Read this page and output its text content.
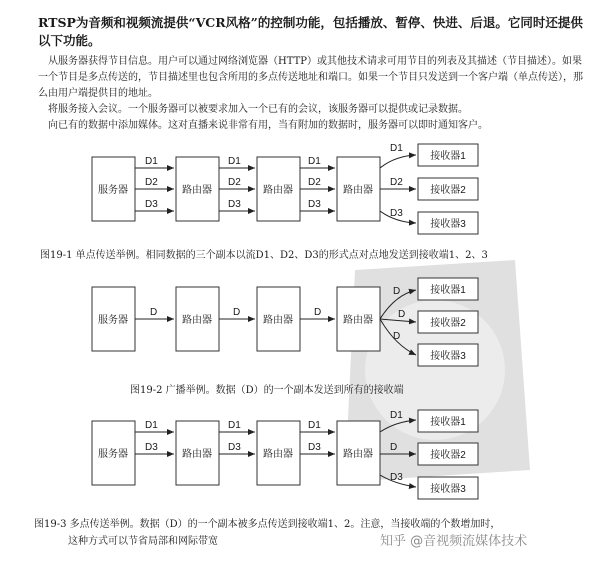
RTSP为音频和视频流提供“VCR风格”的控制功能，包括播放、暂停、快进、后退。它同时还提供以下功能。

从服务器获得节目信息。用户可以通过网络浏览器（HTTP）或其他技术请求可用节目的列表及其描述（节目描述）。如果一个节目是多点传送的，节目描述里也包含所用的多点传送地址和端口。如果一个节目只发送到一个客户端（单点传送），那么由用户端提供目的地址。

将服务接入会议。一个服务器可以被要求加入一个已有的会议，该服务器可以提供或记录数据。

向已有的数据中添加媒体。这对直播来说非常有用，当有附加的数据时，服务器可以即时通知客户。

服务器	路由器	路由器	路由器
D1
D2
D3
D1
D2
D3
D1
D2
D3
D1
D2
D3
接收器1
接收器2
接收器3
服务器	路由器	路由器	路由器
D	D	D
D
D
D
接收器1
接收器2
接收器3
服务器	路由器	路由器	路由器
D1
D3
D1
D3
D1
D3
D1
D
D3
接收器1
接收器2
接收器3
图19-1 单点传送举例。相同数据的三个副本以流D1、D2、D3的形式点对点地发送到接收端1、2、3
图19-2 广播举例。数据（D）的一个副本发送到所有的接收端
图19-3 多点传送举例。数据（D）的一个副本被多点传送到接收端1、2。注意，当接收端的个数增加时，
这种方式可以节省局部和网际带宽	知乎 @音视频流媒体技术
